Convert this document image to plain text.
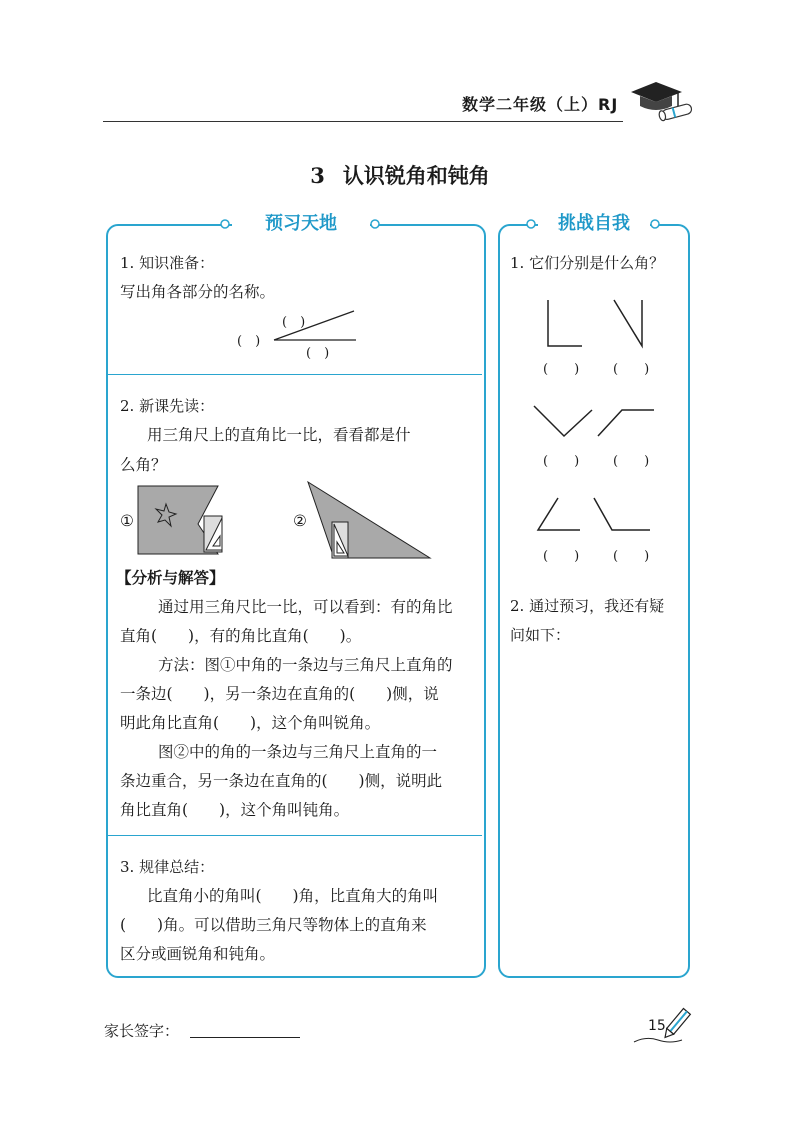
数学二年级（上）RJ
3 认识锐角和钝角
预习天地
1. 知识准备：
写出角各部分的名称。
(　)
(　)
(　)
2. 新课先读：
用三角尺上的直角比一比，看看都是什
么角？
①	②
【分析与解答】
通过用三角尺比一比，可以看到：有的角比
直角(　　)，有的角比直角(　　)。
方法：图①中角的一条边与三角尺上直角的
一条边(　　)，另一条边在直角的(　　)侧，说
明此角比直角(　　)，这个角叫锐角。
图②中的角的一条边与三角尺上直角的一
条边重合，另一条边在直角的(　　)侧，说明此
角比直角(　　)，这个角叫钝角。
3. 规律总结：
比直角小的角叫(　　)角，比直角大的角叫
(　　)角。可以借助三角尺等物体上的直角来
区分或画锐角和钝角。
挑战自我
1. 它们分别是什么角？
(　　)	(　　)
(　　)	(　　)
(　　)	(　　)
2. 通过预习，我还有疑
问如下：
家长签字：	15
